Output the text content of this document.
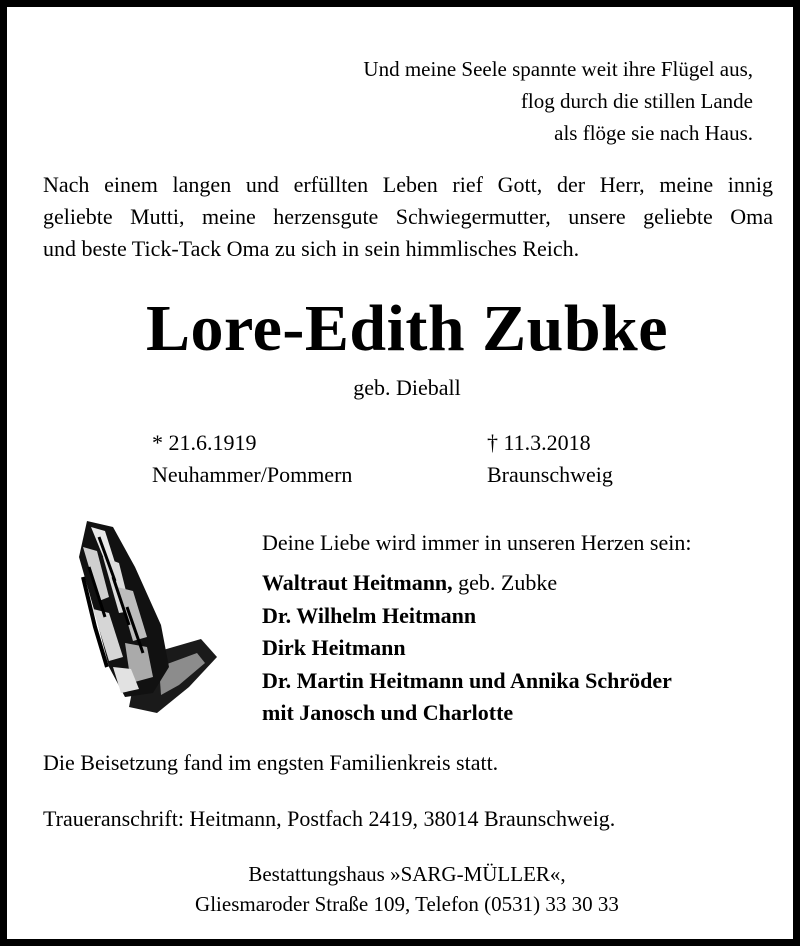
Und meine Seele spannte weit ihre Flügel aus,
flog durch die stillen Lande
als flöge sie nach Haus.
Nach einem langen und erfüllten Leben rief Gott, der Herr, meine innig
geliebte Mutti, meine herzensgute Schwiegermutter, unsere geliebte Oma
und beste Tick-Tack Oma zu sich in sein himmlisches Reich.
Lore-Edith Zubke
geb. Dieball
* 21.6.1919
Neuhammer/Pommern
† 11.3.2018
Braunschweig
Deine Liebe wird immer in unseren Herzen sein:
Waltraut Heitmann, geb. Zubke
Dr. Wilhelm Heitmann
Dirk Heitmann
Dr. Martin Heitmann und Annika Schröder
mit Janosch und Charlotte
Die Beisetzung fand im engsten Familienkreis statt.
Traueranschrift: Heitmann, Postfach 2419, 38014 Braunschweig.
Bestattungshaus »SARG-MÜLLER«,
Gliesmaroder Straße 109, Telefon (0531) 33 30 33
